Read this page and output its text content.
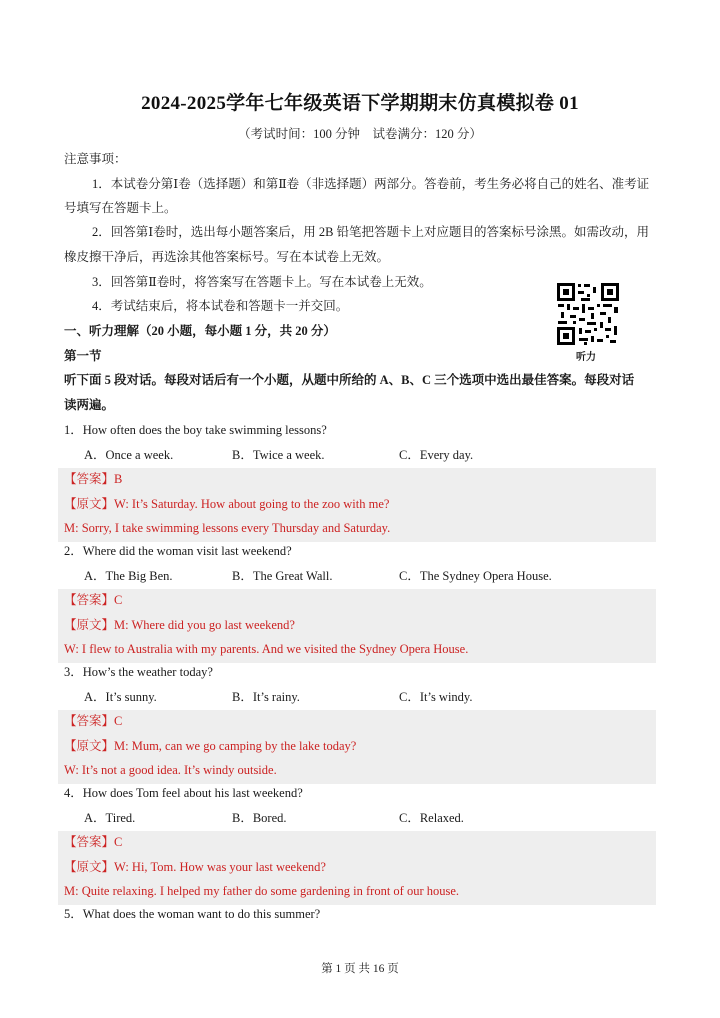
2024-2025学年七年级英语下学期期末仿真模拟卷 01
（考试时间：100 分钟　试卷满分：120 分）
注意事项：
1．本试卷分第Ⅰ卷（选择题）和第Ⅱ卷（非选择题）两部分。答卷前，考生务必将自己的姓名、准考证
号填写在答题卡上。
2．回答第Ⅰ卷时，选出每小题答案后，用 2B 铅笔把答题卡上对应题目的答案标号涂黑。如需改动，用
橡皮擦干净后，再选涂其他答案标号。写在本试卷上无效。
3．回答第Ⅱ卷时，将答案写在答题卡上。写在本试卷上无效。
4．考试结束后，将本试卷和答题卡一并交回。
听力
一、听力理解（20 小题，每小题 1 分，共 20 分）
第一节
听下面 5 段对话。每段对话后有一个小题，从题中所给的 A、B、C 三个选项中选出最佳答案。每段对话
读两遍。
1．How often does the boy take swimming lessons?
A．Once a week.	B．Twice a week.	C．Every day.
【答案】B
【原文】W: It’s Saturday. How about going to the zoo with me?
M: Sorry, I take swimming lessons every Thursday and Saturday.
2．Where did the woman visit last weekend?
A．The Big Ben.	B．The Great Wall.	C．The Sydney Opera House.
【答案】C
【原文】M: Where did you go last weekend?
W: I flew to Australia with my parents. And we visited the Sydney Opera House.
3．How’s the weather today?
A．It’s sunny.	B．It’s rainy.	C．It’s windy.
【答案】C
【原文】M: Mum, can we go camping by the lake today?
W: It’s not a good idea. It’s windy outside.
4．How does Tom feel about his last weekend?
A．Tired.	B．Bored.	C．Relaxed.
【答案】C
【原文】W: Hi, Tom. How was your last weekend?
M: Quite relaxing. I helped my father do some gardening in front of our house.
5．What does the woman want to do this summer?
第 1 页 共 16 页
